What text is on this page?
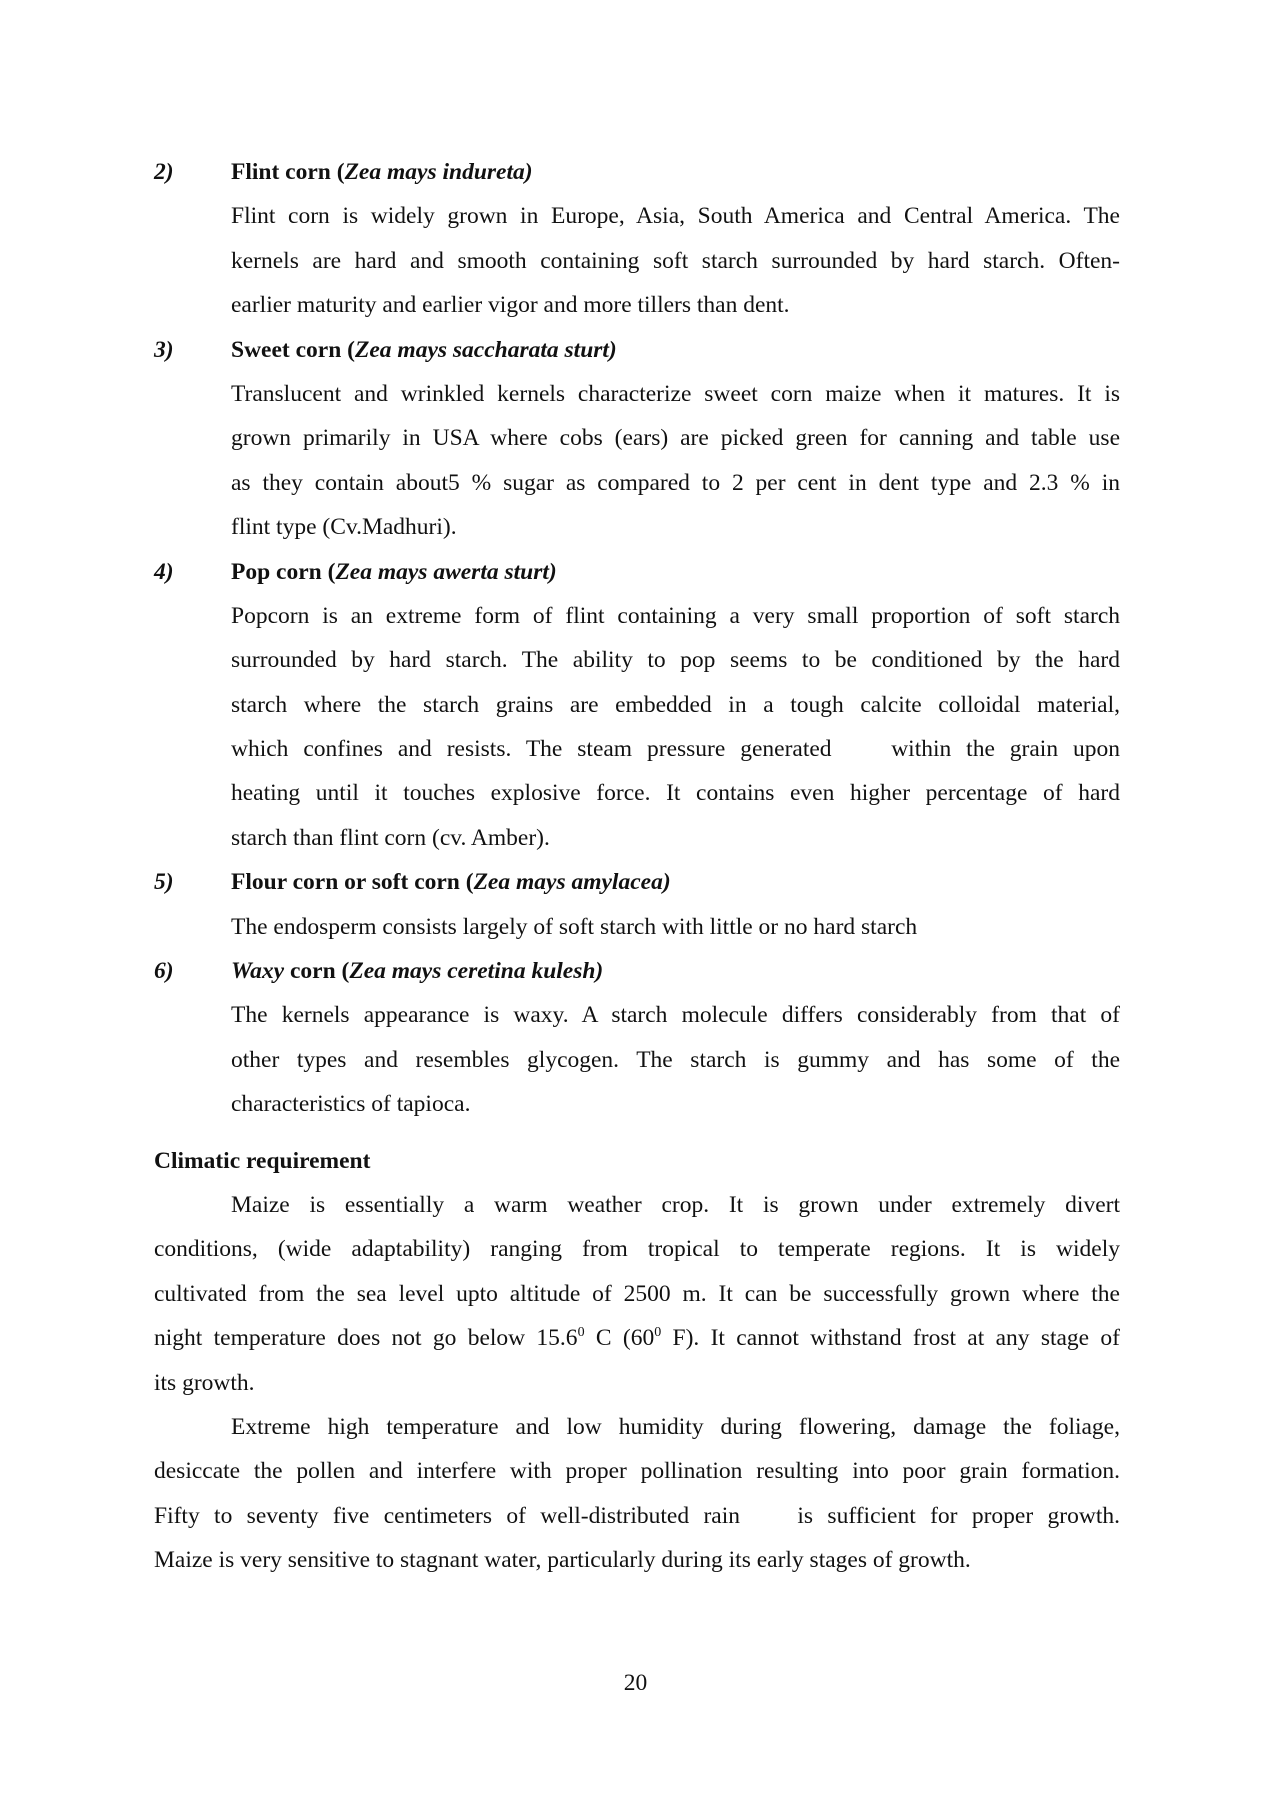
2) Flint corn (Zea mays indureta)
Flint corn is widely grown in Europe, Asia, South America and Central America. The
kernels are hard and smooth containing soft starch surrounded by hard starch. Often-
earlier maturity and earlier vigor and more tillers than dent.
3) Sweet corn (Zea mays saccharata sturt)
Translucent and wrinkled kernels characterize sweet corn maize when it matures. It is
grown primarily in USA where cobs (ears) are picked green for canning and table use
as they contain about5 % sugar as compared to 2 per cent in dent type and 2.3 % in
flint type (Cv.Madhuri).
4) Pop corn (Zea mays awerta sturt)
Popcorn is an extreme form of flint containing a very small proportion of soft starch
surrounded by hard starch. The ability to pop seems to be conditioned by the hard
starch where the starch grains are embedded in a tough calcite colloidal material,
which confines and resists. The steam pressure generated    within the grain upon
heating until it touches explosive force. It contains even higher percentage of hard
starch than flint corn (cv. Amber).
5) Flour corn or soft corn (Zea mays amylacea)
The endosperm consists largely of soft starch with little or no hard starch
6) Waxy corn (Zea mays ceretina kulesh)
The kernels appearance is waxy. A starch molecule differs considerably from that of
other types and resembles glycogen. The starch is gummy and has some of the
characteristics of tapioca.
Climatic requirement
Maize is essentially a warm weather crop. It is grown under extremely divert
conditions, (wide adaptability) ranging from tropical to temperate regions. It is widely
cultivated from the sea level upto altitude of 2500 m. It can be successfully grown where the
night temperature does not go below 15.6$^0$ C ($60^0$ F). It cannot withstand frost at any stage of
its growth.
Extreme high temperature and low humidity during flowering, damage the foliage,
desiccate the pollen and interfere with proper pollination resulting into poor grain formation.
Fifty to seventy five centimeters of well-distributed rain    is sufficient for proper growth.
Maize is very sensitive to stagnant water, particularly during its early stages of growth.
20
